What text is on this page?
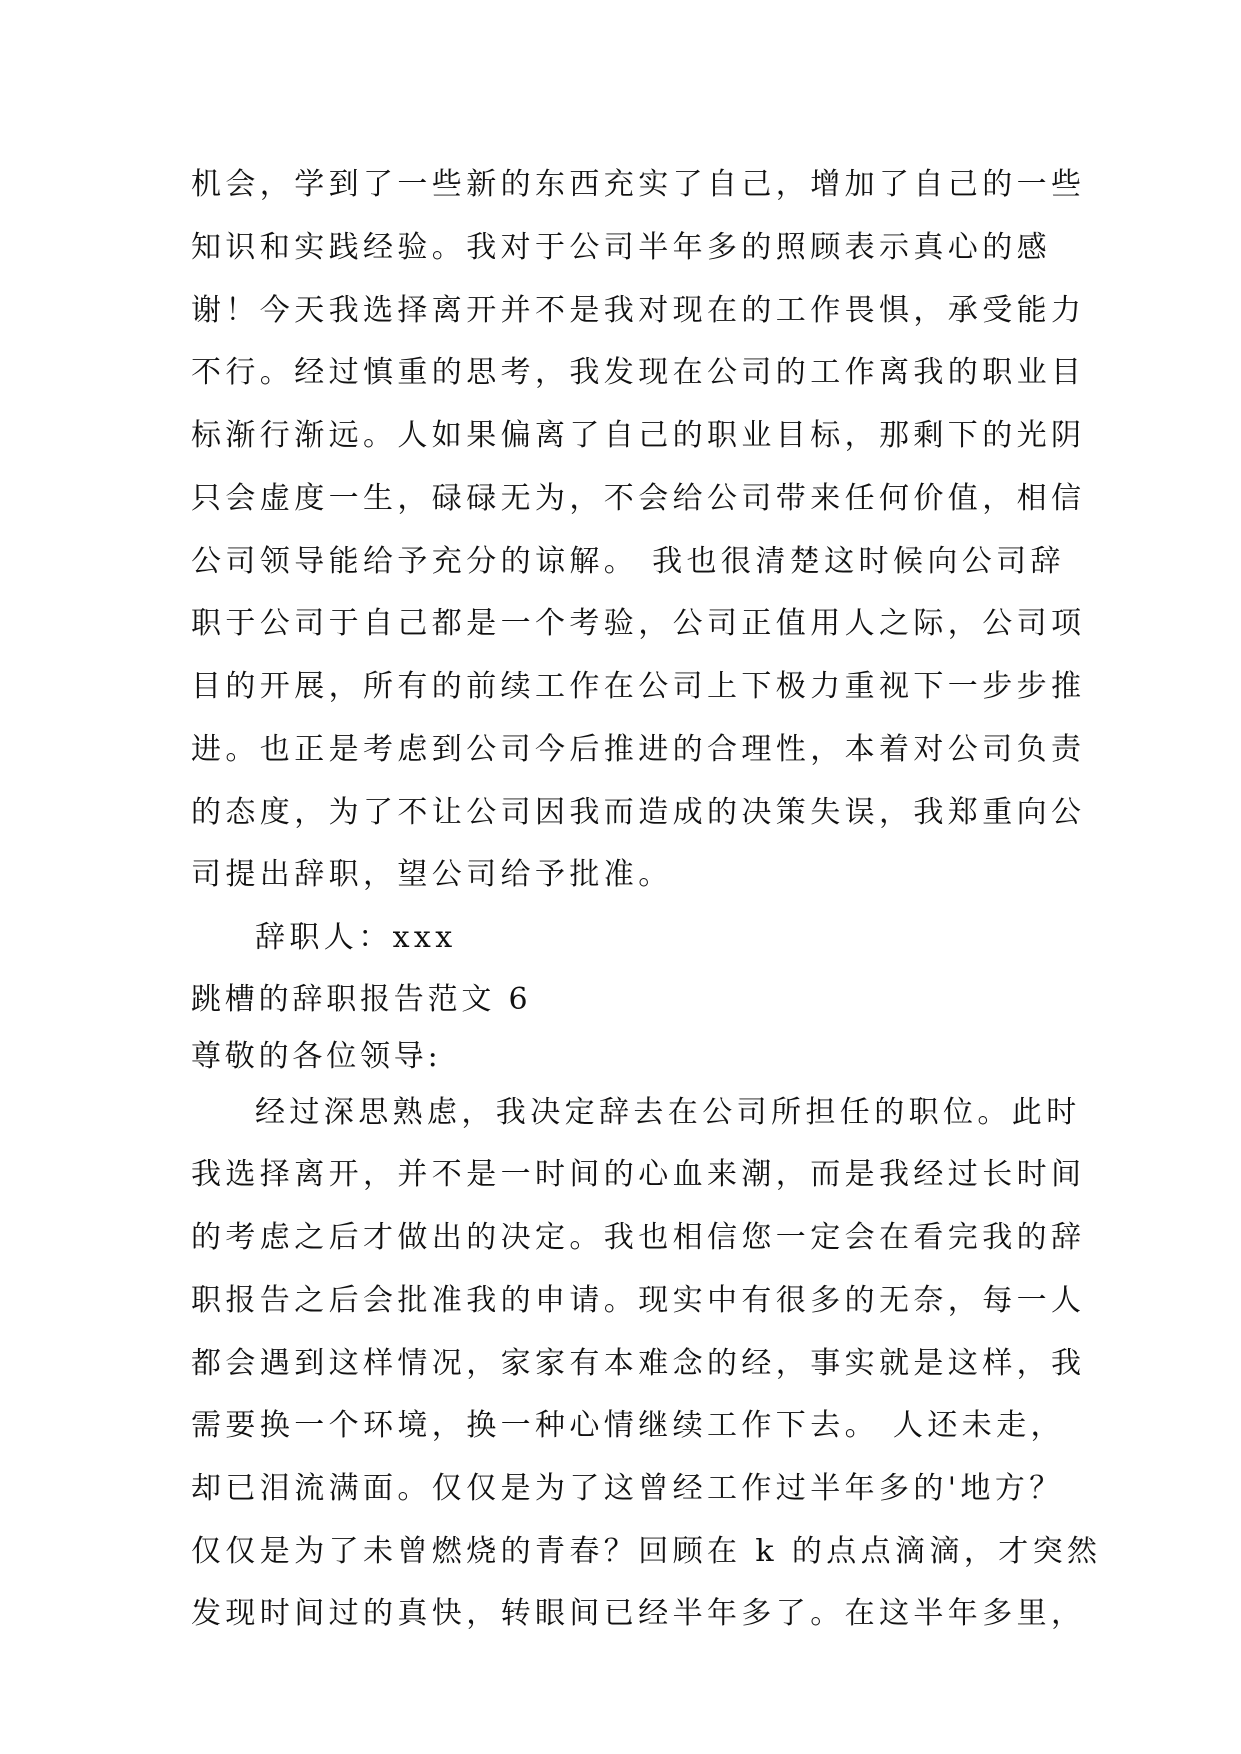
机会，学到了一些新的东西充实了自己，增加了自己的一些
知识和实践经验。我对于公司半年多的照顾表示真心的感
谢！今天我选择离开并不是我对现在的工作畏惧，承受能力
不行。经过慎重的思考，我发现在公司的工作离我的职业目
标渐行渐远。人如果偏离了自己的职业目标，那剩下的光阴
只会虚度一生，碌碌无为，不会给公司带来任何价值，相信
公司领导能给予充分的谅解。 我也很清楚这时候向公司辞
职于公司于自己都是一个考验，公司正值用人之际，公司项
目的开展，所有的前续工作在公司上下极力重视下一步步推
进。也正是考虑到公司今后推进的合理性，本着对公司负责
的态度，为了不让公司因我而造成的决策失误，我郑重向公
司提出辞职，望公司给予批准。
辞职人：xxx
跳槽的辞职报告范文 6
尊敬的各位领导:
经过深思熟虑，我决定辞去在公司所担任的职位。此时
我选择离开，并不是一时间的心血来潮，而是我经过长时间
的考虑之后才做出的决定。我也相信您一定会在看完我的辞
职报告之后会批准我的申请。现实中有很多的无奈，每一人
都会遇到这样情况，家家有本难念的经，事实就是这样，我
需要换一个环境，换一种心情继续工作下去。 人还未走，
却已泪流满面。仅仅是为了这曾经工作过半年多的'地方？
仅仅是为了未曾燃烧的青春？回顾在 k 的点点滴滴，才突然
发现时间过的真快，转眼间已经半年多了。在这半年多里，
